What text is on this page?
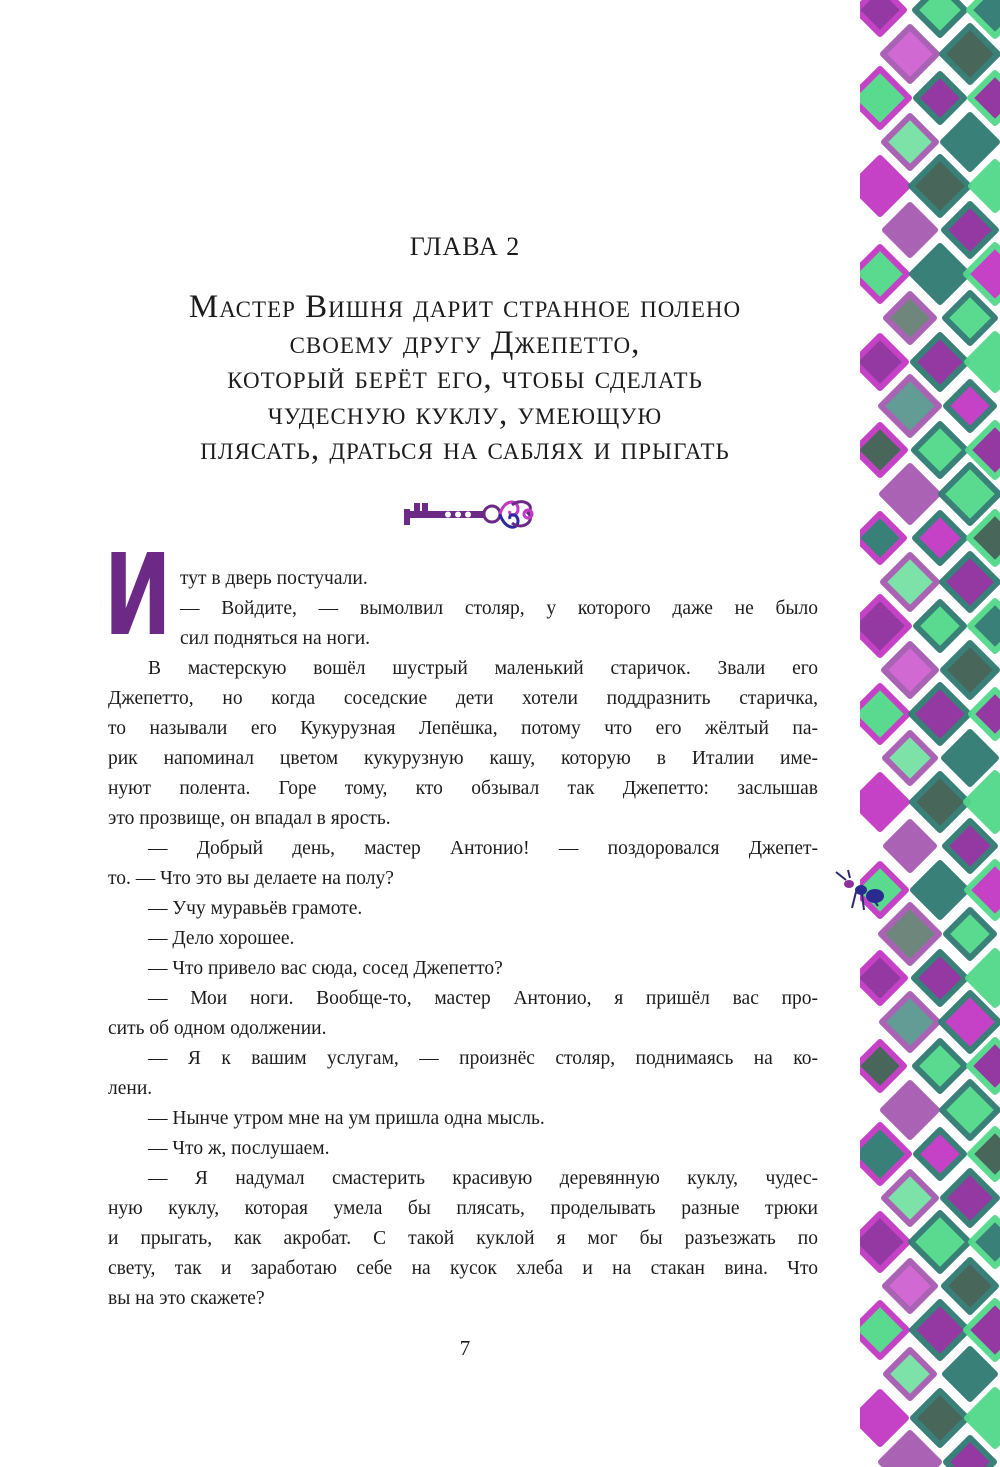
ГЛАВА 2
Мастер Вишня дарит странное полено
своему другу Джепетто,
который берёт его, чтобы сделать
чудесную куклу, умеющую
плясать, драться на саблях и прыгать
И тут в дверь постучали.
— Войдите, — вымолвил столяр, у которого даже не было
сил подняться на ноги.
В мастерскую вошёл шустрый маленький старичок. Звали его
Джепетто, но когда соседские дети хотели поддразнить старичка,
то называли его Кукурузная Лепёшка, потому что его жёлтый па-
рик напоминал цветом кукурузную кашу, которую в Италии име-
нуют полента. Горе тому, кто обзывал так Джепетто: заслышав
это прозвище, он впадал в ярость.
— Добрый день, мастер Антонио! — поздоровался Джепет-
то. — Что это вы делаете на полу?
— Учу муравьёв грамоте.
— Дело хорошее.
— Что привело вас сюда, сосед Джепетто?
— Мои ноги. Вообще-то, мастер Антонио, я пришёл вас про-
сить об одном одолжении.
— Я к вашим услугам, — произнёс столяр, поднимаясь на ко-
лени.
— Нынче утром мне на ум пришла одна мысль.
— Что ж, послушаем.
— Я надумал смастерить красивую деревянную куклу, чудес-
ную куклу, которая умела бы плясать, проделывать разные трюки
и прыгать, как акробат. С такой куклой я мог бы разъезжать по
свету, так и заработаю себе на кусок хлеба и на стакан вина. Что
вы на это скажете?
7
